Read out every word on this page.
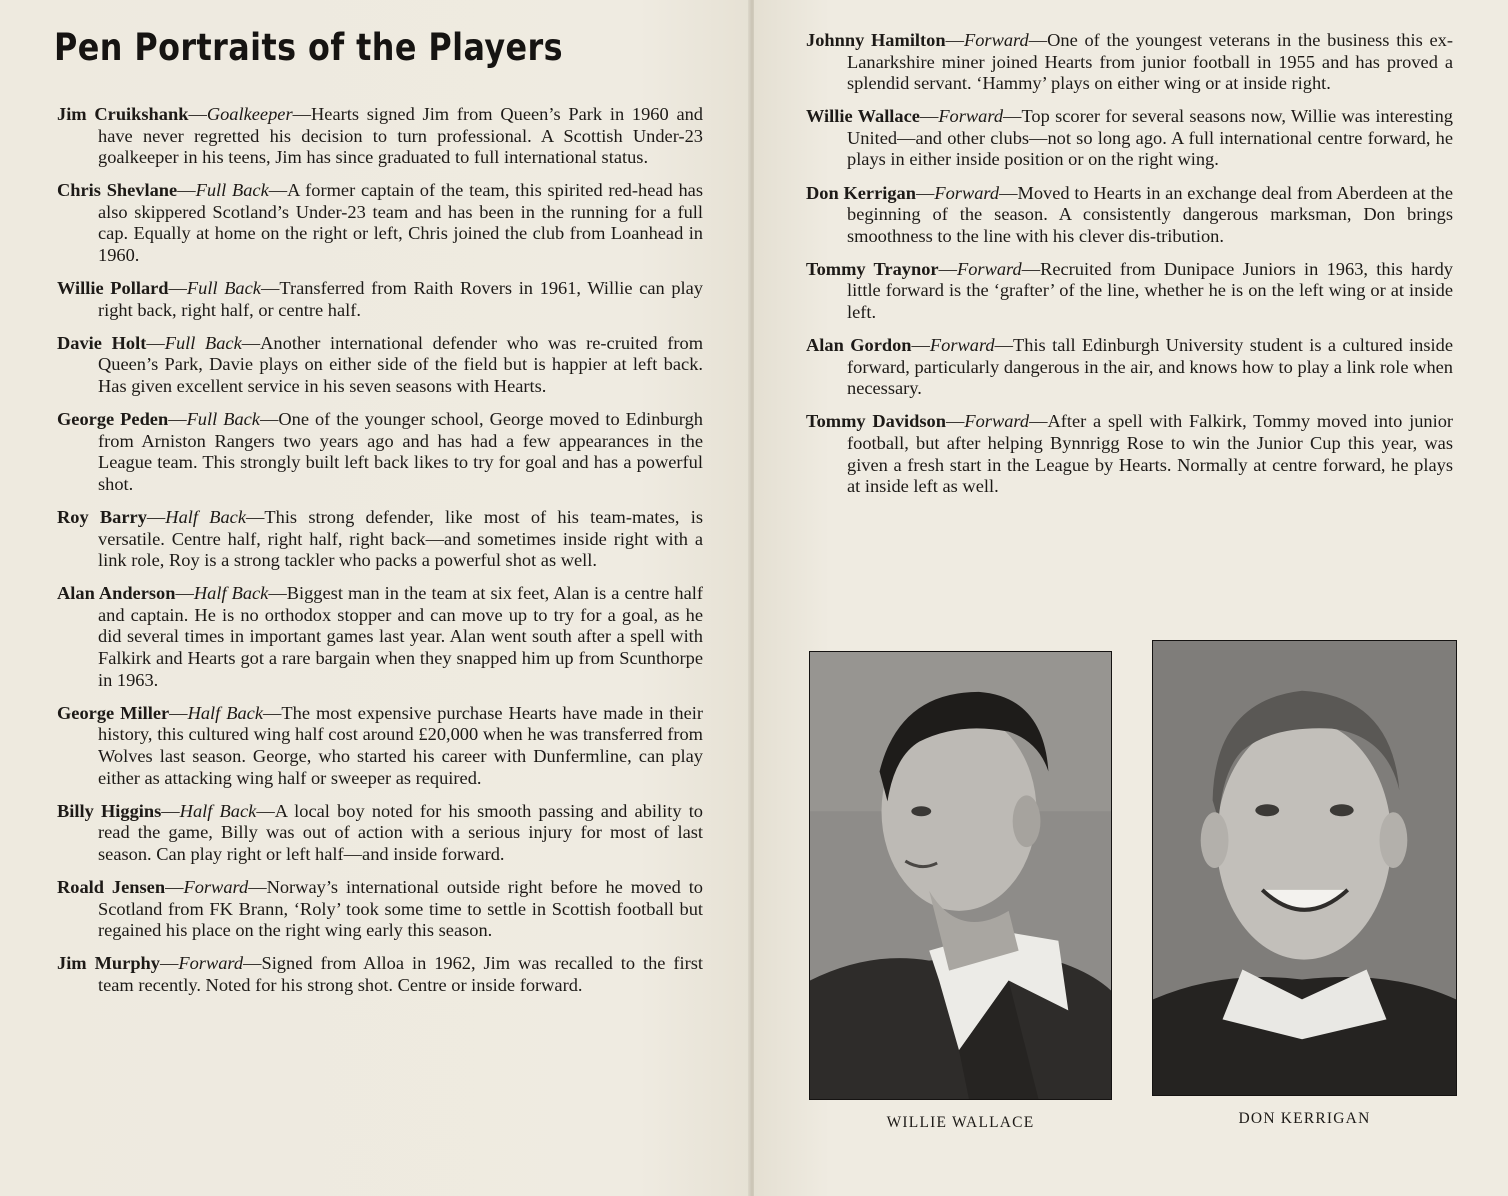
Pen Portraits of the Players

Jim Cruikshank—Goalkeeper—Hearts signed Jim from Queen’s Park in 1960 and have never regretted his decision to turn professional. A Scottish Under-23 goalkeeper in his teens, Jim has since graduated to full international status.

Chris Shevlane—Full Back—A former captain of the team, this spirited red-head has also skippered Scotland’s Under-23 team and has been in the running for a full cap. Equally at home on the right or left, Chris joined the club from Loanhead in 1960.

Willie Pollard—Full Back—Transferred from Raith Rovers in 1961, Willie can play right back, right half, or centre half.

Davie Holt—Full Back—Another international defender who was re-cruited from Queen’s Park, Davie plays on either side of the field but is happier at left back. Has given excellent service in his seven seasons with Hearts.

George Peden—Full Back—One of the younger school, George moved to Edinburgh from Arniston Rangers two years ago and has had a few appearances in the League team. This strongly built left back likes to try for goal and has a powerful shot.

Roy Barry—Half Back—This strong defender, like most of his team-mates, is versatile. Centre half, right half, right back—and sometimes inside right with a link role, Roy is a strong tackler who packs a powerful shot as well.

Alan Anderson—Half Back—Biggest man in the team at six feet, Alan is a centre half and captain. He is no orthodox stopper and can move up to try for a goal, as he did several times in important games last year. Alan went south after a spell with Falkirk and Hearts got a rare bargain when they snapped him up from Scunthorpe in 1963.

George Miller—Half Back—The most expensive purchase Hearts have made in their history, this cultured wing half cost around £20,000 when he was transferred from Wolves last season. George, who started his career with Dunfermline, can play either as attacking wing half or sweeper as required.

Billy Higgins—Half Back—A local boy noted for his smooth passing and ability to read the game, Billy was out of action with a serious injury for most of last season. Can play right or left half—and inside forward.

Roald Jensen—Forward—Norway’s international outside right before he moved to Scotland from FK Brann, ‘Roly’ took some time to settle in Scottish football but regained his place on the right wing early this season.

Jim Murphy—Forward—Signed from Alloa in 1962, Jim was recalled to the first team recently. Noted for his strong shot. Centre or inside forward.

Johnny Hamilton—Forward—One of the youngest veterans in the business this ex-Lanarkshire miner joined Hearts from junior football in 1955 and has proved a splendid servant. ‘Hammy’ plays on either wing or at inside right.

Willie Wallace—Forward—Top scorer for several seasons now, Willie was interesting United—and other clubs—not so long ago. A full international centre forward, he plays in either inside position or on the right wing.

Don Kerrigan—Forward—Moved to Hearts in an exchange deal from Aberdeen at the beginning of the season. A consistently dangerous marksman, Don brings smoothness to the line with his clever dis-tribution.

Tommy Traynor—Forward—Recruited from Dunipace Juniors in 1963, this hardy little forward is the ‘grafter’ of the line, whether he is on the left wing or at inside left.

Alan Gordon—Forward—This tall Edinburgh University student is a cultured inside forward, particularly dangerous in the air, and knows how to play a link role when necessary.

Tommy Davidson—Forward—After a spell with Falkirk, Tommy moved into junior football, but after helping Bynnrigg Rose to win the Junior Cup this year, was given a fresh start in the League by Hearts. Normally at centre forward, he plays at inside left as well.

WILLIE WALLACE	DON KERRIGAN
